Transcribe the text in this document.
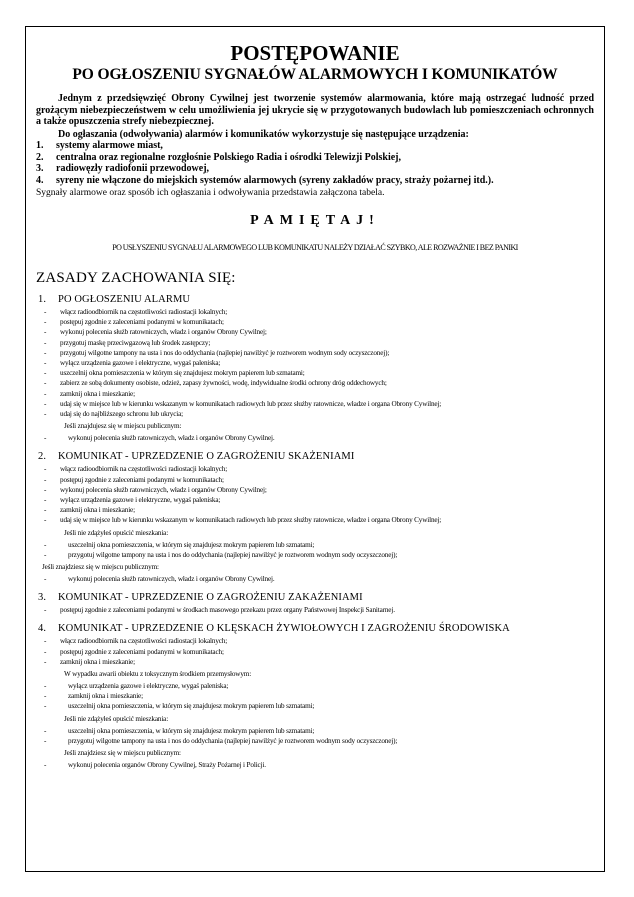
POSTĘPOWANIE
PO OGŁOSZENIU SYGNAŁÓW ALARMOWYCH I KOMUNIKATÓW

Jednym z przedsięwzięć Obrony Cywilnej jest tworzenie systemów alarmowania, które mają ostrzegać ludność przed grożącym niebezpieczeństwem w celu umożliwienia jej ukrycie się w przygotowanych budowlach lub pomieszczeniach ochronnych a także opuszczenia strefy niebezpiecznej.

Do ogłaszania (odwoływania) alarmów i komunikatów wykorzystuje się następujące urządzenia:

1.	systemy alarmowe miast,
2.	centralna oraz regionalne rozgłośnie Polskiego Radia i ośrodki Telewizji Polskiej,
3.	radiowęzły radiofonii przewodowej,
4.	syreny nie włączone do miejskich systemów alarmowych (syreny zakładów pracy, straży pożarnej itd.).

Sygnały alarmowe oraz sposób ich ogłaszania i odwoływania przedstawia załączona tabela.

PAMIĘTAJ!
PO USŁYSZENIU SYGNAŁU ALARMOWEGO LUB KOMUNIKATU NALEŻY DZIAŁAĆ SZYBKO, ALE ROZWAŻNIE I BEZ PANIKI
ZASADY ZACHOWANIA SIĘ:
1.	PO OGŁOSZENIU ALARMU
-	włącz radioodbiornik na częstotliwości radiostacji lokalnych;
-	postępuj zgodnie z zaleceniami podanymi w komunikatach;
-	wykonuj polecenia służb ratowniczych, władz i organów Obrony Cywilnej;
-	przygotuj maskę przeciwgazową lub środek zastępczy;
-	przygotuj wilgotne tampony na usta i nos do oddychania (najlepiej nawilżyć je roztworem wodnym sody oczyszczonej);
-	wyłącz urządzenia gazowe i elektryczne, wygaś paleniska;
-	uszczelnij okna pomieszczenia w którym się znajdujesz mokrym papierem lub szmatami;
-	zabierz ze sobą dokumenty osobiste, odzież, zapasy żywności, wodę, indywidualne środki ochrony dróg oddechowych;
-	zamknij okna i mieszkanie;
-	udaj się w miejsce lub w kierunku wskazanym w komunikatach radiowych lub przez służby ratownicze, władze i organa Obrony Cywilnej;
-	udaj się do najbliższego schronu lub ukrycia;
Jeśli znajdujesz się w miejscu publicznym:
-	wykonuj polecenia służb ratowniczych, władz i organów Obrony Cywilnej.
2.	KOMUNIKAT - UPRZEDZENIE O ZAGROŻENIU SKAŻENIAMI
-	włącz radioodbiornik na częstotliwości radiostacji lokalnych;
-	postępuj zgodnie z zaleceniami podanymi w komunikatach;
-	wykonuj polecenia służb ratowniczych, władz i organów Obrony Cywilnej;
-	wyłącz urządzenia gazowe i elektryczne, wygaś paleniska;
-	zamknij okna i mieszkanie;
-	udaj się w miejsce lub w kierunku wskazanym w komunikatach radiowych lub przez służby ratownicze, władze i organa Obrony Cywilnej;
Jeśli nie zdążyłeś opuścić mieszkania:
-	uszczelnij okna pomieszczenia, w którym się znajdujesz mokrym papierem lub szmatami;
-	przygotuj wilgotne tampony na usta i nos do oddychania (najlepiej nawilżyć je roztworem wodnym sody oczyszczonej);
Jeśli znajdziesz się w miejscu publicznym:
-	wykonuj polecenia służb ratowniczych, władz i organów Obrony Cywilnej.
3.	KOMUNIKAT - UPRZEDZENIE O ZAGROŻENIU ZAKAŻENIAMI
-	postępuj zgodnie z zaleceniami podanymi w środkach masowego przekazu przez organy Państwowej Inspekcji Sanitarnej.
4.	KOMUNIKAT - UPRZEDZENIE O KLĘSKACH ŻYWIOŁOWYCH I ZAGROŻENIU ŚRODOWISKA
-	włącz radioodbiornik na częstotliwości radiostacji lokalnych;
-	postępuj zgodnie z zaleceniami podanymi w komunikatach;
-	zamknij okna i mieszkanie;
W wypadku awarii obiektu z toksycznym środkiem przemysłowym:
-	wyłącz urządzenia gazowe i elektryczne, wygaś paleniska;
-	zamknij okna i mieszkanie;
-	uszczelnij okna pomieszczenia, w którym się znajdujesz mokrym papierem lub szmatami;
Jeśli nie zdążyłeś opuścić mieszkania:
-	uszczelnij okna pomieszczenia, w którym się znajdujesz mokrym papierem lub szmatami;
-	przygotuj wilgotne tampony na usta i nos do oddychania (najlepiej nawilżyć je roztworem wodnym sody oczyszczonej);
Jeśli znajdziesz się w miejscu publicznym:
-	wykonuj polecenia organów Obrony Cywilnej, Straży Pożarnej i Policji.
